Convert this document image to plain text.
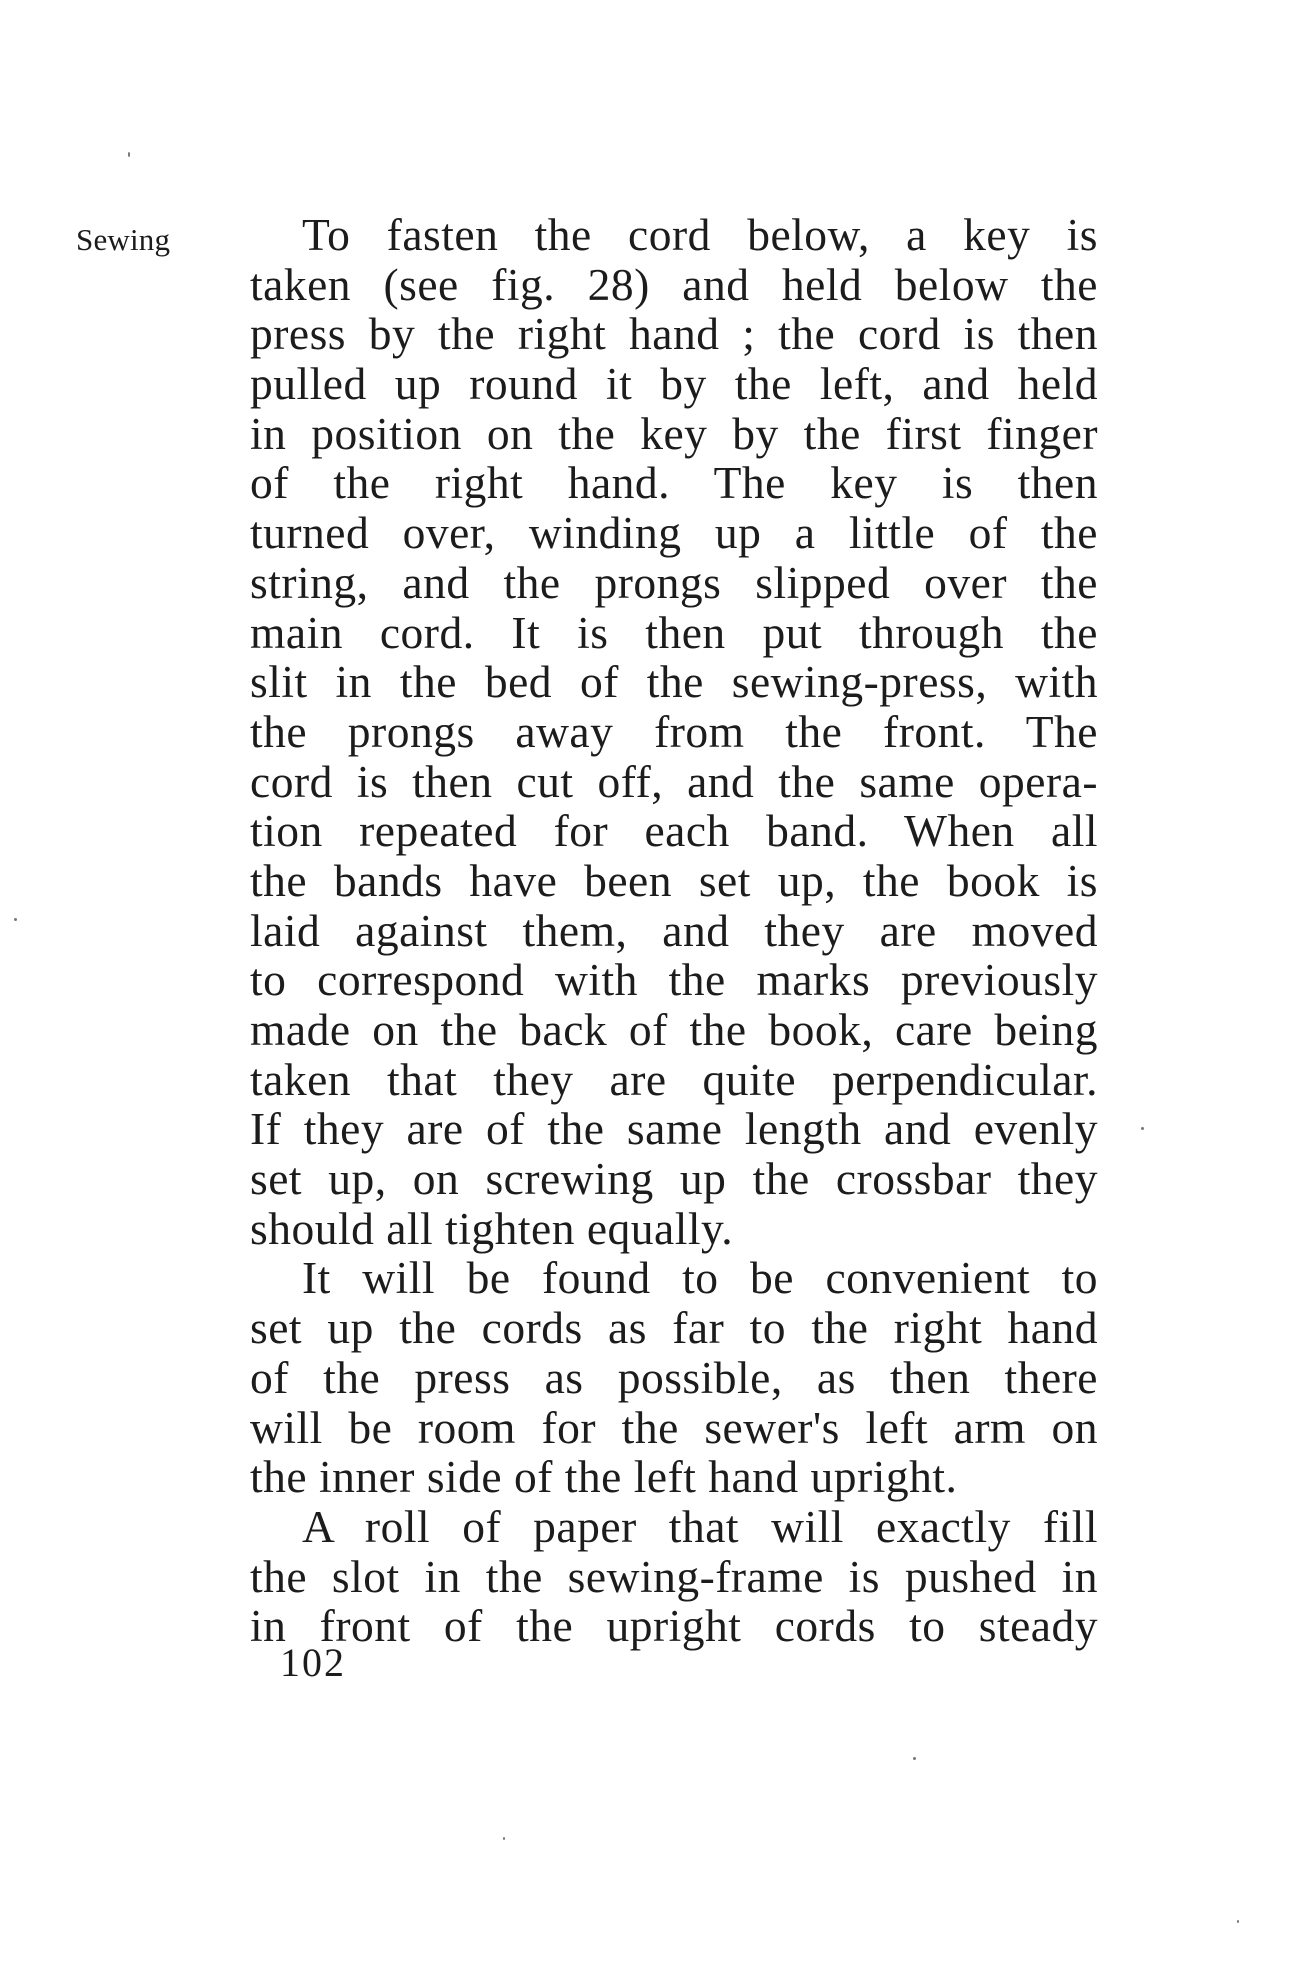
Sewing	To fasten the cord below, a key is
taken (see fig. 28) and held below the
press by the right hand ; the cord is then
pulled up round it by the left, and held
in position on the key by the first finger
of the right hand. The key is then
turned over, winding up a little of the
string, and the prongs slipped over the
main cord. It is then put through the
slit in the bed of the sewing-press, with
the prongs away from the front. The
cord is then cut off, and the same opera-
tion repeated for each band. When all
the bands have been set up, the book is
laid against them, and they are moved
to correspond with the marks previously
made on the back of the book, care being
taken that they are quite perpendicular.
If they are of the same length and evenly
set up, on screwing up the crossbar they
should all tighten equally.
It will be found to be convenient to
set up the cords as far to the right hand
of the press as possible, as then there
will be room for the sewer's left arm on
the inner side of the left hand upright.
A roll of paper that will exactly fill
the slot in the sewing-frame is pushed in
in front of the upright cords to steady
102
